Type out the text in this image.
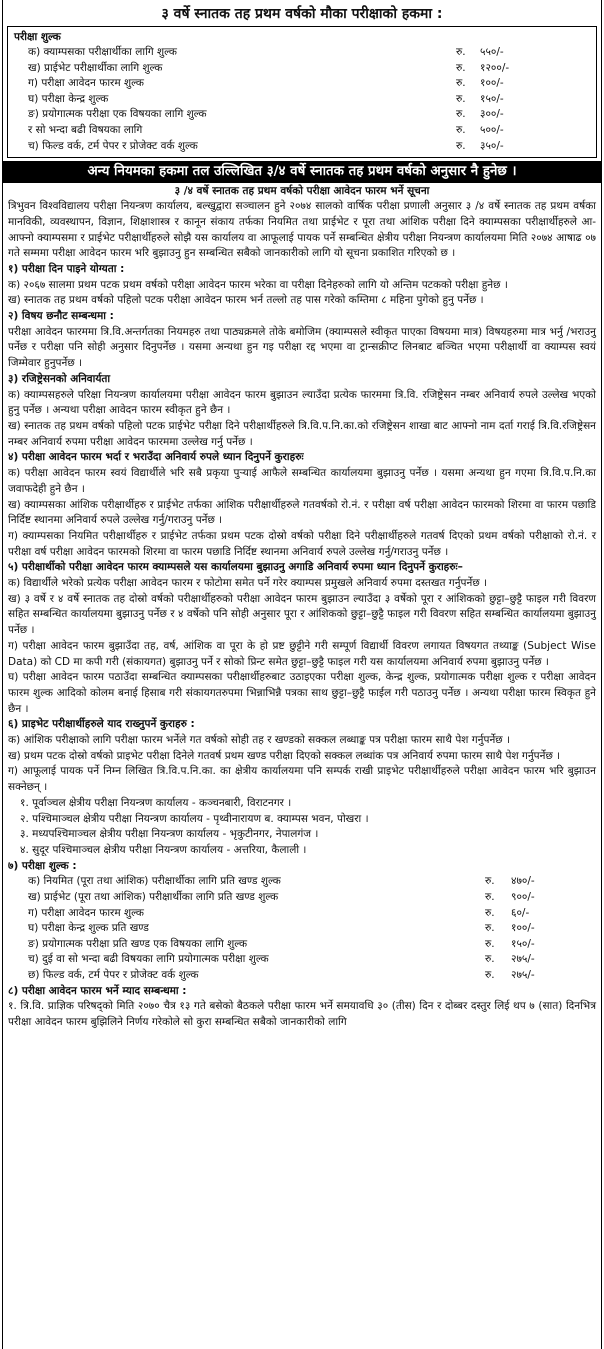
३ वर्षे स्नातक तह प्रथम वर्षको मौका परीक्षाको हकमा :
परीक्षा शुल्क
क) क्याम्पसका परीक्षार्थीका लागि शुल्क	रु.	५५०/-
ख) प्राईभेट परीक्षार्थीका लागि शुल्क	रु.	१२००/-
ग) परीक्षा आवेदन फारम शुल्क	रु.	१००/-
घ) परीक्षा केन्द्र शुल्क	रु.	१५०/-
ङ) प्रयोगात्मक परीक्षा एक विषयका लागि शुल्क	रु.	३००/-
र सो भन्दा बढी विषयका लागि	रु.	५००/-
च) फिल्ड वर्क, टर्म पेपर र प्रोजेक्ट वर्क शुल्क	रु.	३५०/-
अन्य नियमका हकमा तल उल्लिखित ३/४ वर्षे स्नातक तह प्रथम वर्षको अनुसार नै हुनेछ ।
३ /४ वर्षे स्नातक तह प्रथम वर्षको परीक्षा आवेदन फारम भर्ने सूचना

त्रिभुवन विश्वविद्यालय परीक्षा नियन्त्रण कार्यालय, बल्खुद्वारा सञ्चालन हुने २०७४ सालको वार्षिक परीक्षा प्रणाली अनुसार ३ /४ वर्षे स्नातक तह प्रथम वर्षका मानविकी, व्यवस्थापन, विज्ञान, शिक्षाशास्त्र र कानून संकाय तर्फका नियमित तथा प्राईभेट र पूरा तथा आंशिक परीक्षा दिने क्याम्पसका परीक्षार्थीहरुले आ-आफ्नो क्याम्पसमा र प्राईभेट परीक्षार्थीहरुले सोझै यस कार्यालय वा आफूलाई पायक पर्ने सम्बन्धित क्षेत्रीय परीक्षा नियन्त्रण कार्यालयमा मिति २०७४ आषाढ ०७ गते सम्ममा परीक्षा आवेदन फारम भरि बुझाउनु हुन सम्बन्धित सबैको जानकारीको लागि यो सूचना प्रकाशित गरिएको छ ।

१) परीक्षा दिन पाइने योग्यता :

क) २०६७ सालमा प्रथम पटक प्रथम वर्षको परीक्षा आवेदन फारम भरेका वा परीक्षा दिनेहरुको लागि यो अन्तिम पटकको परीक्षा हुनेछ ।

ख) स्नातक तह प्रथम वर्षको पहिलो पटक परीक्षा आवेदन फारम भर्न तल्लो तह पास गरेको कम्तिमा ८ महिना पुगेको हुनु पर्नेछ ।

२) विषय छनौट सम्बन्धमा :

परीक्षा आवेदन फारममा त्रि.वि.अन्तर्गतका नियमहरु तथा पाठ्यक्रमले तोके बमोजिम (क्याम्पसले स्वीकृत पाएका विषयमा मात्र) विषयहरुमा मात्र भर्नु /भराउनु पर्नेछ र परीक्षा पनि सोही अनुसार दिनुपर्नेछ । यसमा अन्यथा हुन गइ परीक्षा रद्द भएमा वा ट्रान्सक्रीप्ट लिनबाट बञ्चित भएमा परीक्षार्थी वा क्याम्पस स्वयं जिम्मेवार हुनुपर्नेछ ।

३) रजिष्ट्रेसनको अनिवार्यता

क) क्याम्पसहरुले परिक्षा नियन्त्रण कार्यालयमा परीक्षा आवेदन फारम बुझाउन ल्याउँदा प्रत्येक फारममा त्रि.वि. रजिष्ट्रेसन नम्बर अनिवार्य रुपले उल्लेख भएको हुनु पर्नेछ । अन्यथा परीक्षा आवेदन फारम स्वीकृत हुने छैन ।

ख) स्नातक तह प्रथम वर्षको पहिलो पटक प्राईभेट परीक्षा दिने परीक्षार्थीहरुले त्रि.वि.प.नि.का.को रजिष्ट्रेसन शाखा बाट आफ्नो नाम दर्ता गराई त्रि.वि.रजिष्ट्रेसन नम्बर अनिवार्य रुपमा परीक्षा आवेदन फारममा उल्लेख गर्नु पर्नेछ ।

४) परीक्षा आवेदन फारम भर्दा र भराउँदा अनिवार्य रुपले ध्यान दिनुपर्ने कुराहरुः

क) परीक्षा आवेदन फारम स्वयं विद्यार्थीले भरि सबै प्रकृया पुऱ्याई आफैले सम्बन्धित कार्यालयमा बुझाउनु पर्नेछ । यसमा अन्यथा हुन गएमा त्रि.वि.प.नि.का जवाफदेही हुने छैन ।

ख) क्याम्पसका आंशिक परीक्षार्थीहरु र प्राईभेट तर्फका आंशिक परीक्षार्थीहरुले गतवर्षको रो.नं. र परीक्षा वर्ष परीक्षा आवेदन फारमको शिरमा वा फारम पछाडि निर्दिष्ट स्थानमा अनिवार्य रुपले उल्लेख गर्नु/गराउनु पर्नेछ ।

ग) क्याम्पसका नियमित परीक्षार्थीहरु र प्राईभेट तर्फका प्रथम पटक दोस्रो वर्षको परीक्षा दिने परीक्षार्थीहरुले गतवर्ष दिएको प्रथम वर्षको परीक्षाको रो.नं. र परीक्षा वर्ष परीक्षा आवेदन फारमको शिरमा वा फारम पछाडि निर्दिष्ट स्थानमा अनिवार्य रुपले उल्लेख गर्नु/गराउनु पर्नेछ ।

५) परीक्षार्थीको परीक्षा आवेदन फारम क्याम्पसले यस कार्यालयमा बुझाउनु अगाडि अनिवार्य रुपमा ध्यान दिनुपर्ने कुराहरुः–

क) विद्यार्थीले भरेको प्रत्येक परीक्षा आवेदन फारम र फोटोमा समेत पर्ने गरेर क्याम्पस प्रमुखले अनिवार्य रुपमा दस्तखत गर्नुपर्नेछ ।

ख) ३ वर्षे र ४ वर्षे स्नातक तह दोस्रो वर्षको परीक्षार्थीहरुको परीक्षा आवेदन फारम बुझाउन ल्याउँदा ३ वर्षेको पूरा र आंशिकको छुट्टा–छुट्टै फाइल गरी विवरण सहित सम्बन्धित कार्यालयमा बुझाउनु पर्नेछ र ४ वर्षेको पनि सोही अनुसार पूरा र आंशिकको छुट्टा–छुट्टै फाइल गरी विवरण सहित सम्बन्धित कार्यालयमा बुझाउनु पर्नेछ ।

ग) परीक्षा आवेदन फारम बुझाउँदा तह, वर्ष, आंशिक वा पूरा के हो प्रष्ट छुट्टीने गरी सम्पूर्ण विद्यार्थी विवरण लगायत विषयगत तथ्याङ्क (Subject Wise Data) को CD मा कपी गरी (संकायगत) बुझाउनु पर्ने र सोको प्रिन्ट समेत छुट्टा–छुट्टै फाइल गरी यस कार्यालयमा अनिवार्य रुपमा बुझाउनु पर्नेछ ।

घ) परीक्षा आवेदन फारम पठाउँदा सम्बन्धित क्याम्पसका परीक्षार्थीहरुबाट उठाइएका परीक्षा शुल्क, केन्द्र शुल्क, प्रयोगात्मक परीक्षा शुल्क र परीक्षा आवेदन फारम शुल्क आदिको कोलम बनाई हिसाब गरी संकायगतरुपमा भिन्नाभिन्नै पत्रका साथ छुट्टा–छुट्टै फाईल गरी पठाउनु पर्नेछ । अन्यथा परीक्षा फारम स्विकृत हुने छैन ।

६) प्राइभेट परीक्षार्थीहरुले याद राख्नुपर्ने कुराहरु :

क) आंशिक परीक्षाको लागि परीक्षा फारम भर्नेले गत वर्षको सोही तह र खण्डको सक्कल लब्धाङ्क पत्र परीक्षा फारम साथै पेश गर्नुपर्नेछ ।

ख) प्रथम पटक दोस्रो वर्षको प्राइभेट परीक्षा दिनेले गतवर्ष प्रथम खण्ड परीक्षा दिएको सक्कल लब्धांक पत्र अनिवार्य रुपमा फारम साथै पेश गर्नुपर्नेछ ।

ग) आफूलाई पायक पर्ने निम्न लिखित त्रि.वि.प.नि.का. का क्षेत्रीय कार्यालयमा पनि सम्पर्क राखी प्राइभेट परीक्षार्थीहरुले परीक्षा आवेदन फारम भरि बुझाउन सक्नेछन् ।

१. पूर्वाञ्चल क्षेत्रीय परीक्षा नियन्त्रण कार्यालय - कञ्चनबारी, विराटनगर ।

२. पश्चिमाञ्चल क्षेत्रीय परीक्षा नियन्त्रण कार्यालय - पृथ्वीनारायण ब. क्याम्पस भवन, पोखरा ।

३. मध्यपश्चिमाञ्चल क्षेत्रीय परीक्षा नियन्त्रण कार्यालय - भृकुटीनगर, नेपालगंज ।

४. सुदूर पश्चिमाञ्चल क्षेत्रीय परीक्षा नियन्त्रण कार्यालय - अत्तरिया, कैलाली ।

७) परीक्षा शुल्क :

क) नियमित (पूरा तथा आंशिक) परीक्षार्थीका लागि प्रति खण्ड शुल्क	रु.	४७०/-
ख) प्राईभेट (पूरा तथा आंशिक) परीक्षार्थीका लागि प्रति खण्ड शुल्क	रु.	९००/-
ग) परीक्षा आवेदन फारम शुल्क	रु.	६०/-
घ) परीक्षा केन्द्र शुल्क प्रति खण्ड	रु.	१००/-
ङ) प्रयोगात्मक परीक्षा प्रति खण्ड एक विषयका लागि शुल्क	रु.	१५०/-
च) दुई वा सो भन्दा बढी विषयका लागि प्रयोगात्मक परीक्षा शुल्क	रु.	२७५/-
छ) फिल्ड वर्क, टर्म पेपर र प्रोजेक्ट वर्क शुल्क	रु.	२७५/-

८) परीक्षा आवेदन फारम भर्ने म्याद सम्बन्धमा :

१. त्रि.वि. प्राज्ञिक परिषद्को मिति २०७० चैत्र १३ गते बसेको बैठकले परीक्षा फारम भर्ने समयावधि ३० (तीस) दिन र दोब्बर दस्तुर लिई थप ७ (सात) दिनभित्र परीक्षा आवेदन फारम बुझिलिने निर्णय गरेकोले सो कुरा सम्बन्धित सबैको जानकारीको लागि
